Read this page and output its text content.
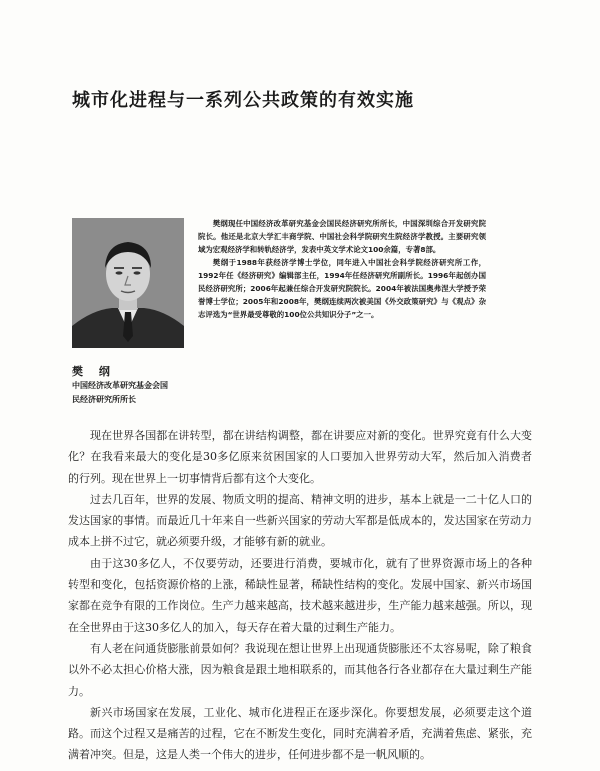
城市化进程与一系列公共政策的有效实施
樊 纲
中国经济改革研究基金会国
民经济研究所所长

樊纲现任中国经济改革研究基金会国民经济研究所所长，中国深圳综合开发研究院院长。他还是北京大学汇丰商学院、中国社会科学院研究生院经济学教授。主要研究领域为宏观经济学和转轨经济学，发表中英文学术论文100余篇，专著8部。

樊纲于1988年获经济学博士学位，同年进入中国社会科学院经济研究所工作，1992年任《经济研究》编辑部主任，1994年任经济研究所副所长。1996年起创办国民经济研究所；2006年起兼任综合开发研究院院长。2004年被法国奥弗涅大学授予荣誉博士学位；2005年和2008年，樊纲连续两次被美国《外交政策研究》与《观点》杂志评选为“世界最受尊敬的100位公共知识分子”之一。

现在世界各国都在讲转型，都在讲结构调整，都在讲要应对新的变化。世界究竟有什么大变化？在我看来最大的变化是30多亿原来贫困国家的人口要加入世界劳动大军，然后加入消费者的行列。现在世界上一切事情背后都有这个大变化。

过去几百年，世界的发展、物质文明的提高、精神文明的进步，基本上就是一二十亿人口的发达国家的事情。而最近几十年来自一些新兴国家的劳动大军都是低成本的，发达国家在劳动力成本上拼不过它，就必须要升级，才能够有新的就业。

由于这30多亿人，不仅要劳动，还要进行消费，要城市化，就有了世界资源市场上的各种转型和变化，包括资源价格的上涨，稀缺性显著，稀缺性结构的变化。发展中国家、新兴市场国家都在竞争有限的工作岗位。生产力越来越高，技术越来越进步，生产能力越来越强。所以，现在全世界由于这30多亿人的加入，每天存在着大量的过剩生产能力。

有人老在问通货膨胀前景如何？我说现在想让世界上出现通货膨胀还不太容易呢，除了粮食以外不必太担心价格大涨，因为粮食是跟土地相联系的，而其他各行各业都存在大量过剩生产能力。

新兴市场国家在发展，工业化、城市化进程正在逐步深化。你要想发展，必须要走这个道路。而这个过程又是痛苦的过程，它在不断发生变化，同时充满着矛盾，充满着焦虑、紧张，充满着冲突。但是，这是人类一个伟大的进步，任何进步都不是一帆风顺的。
